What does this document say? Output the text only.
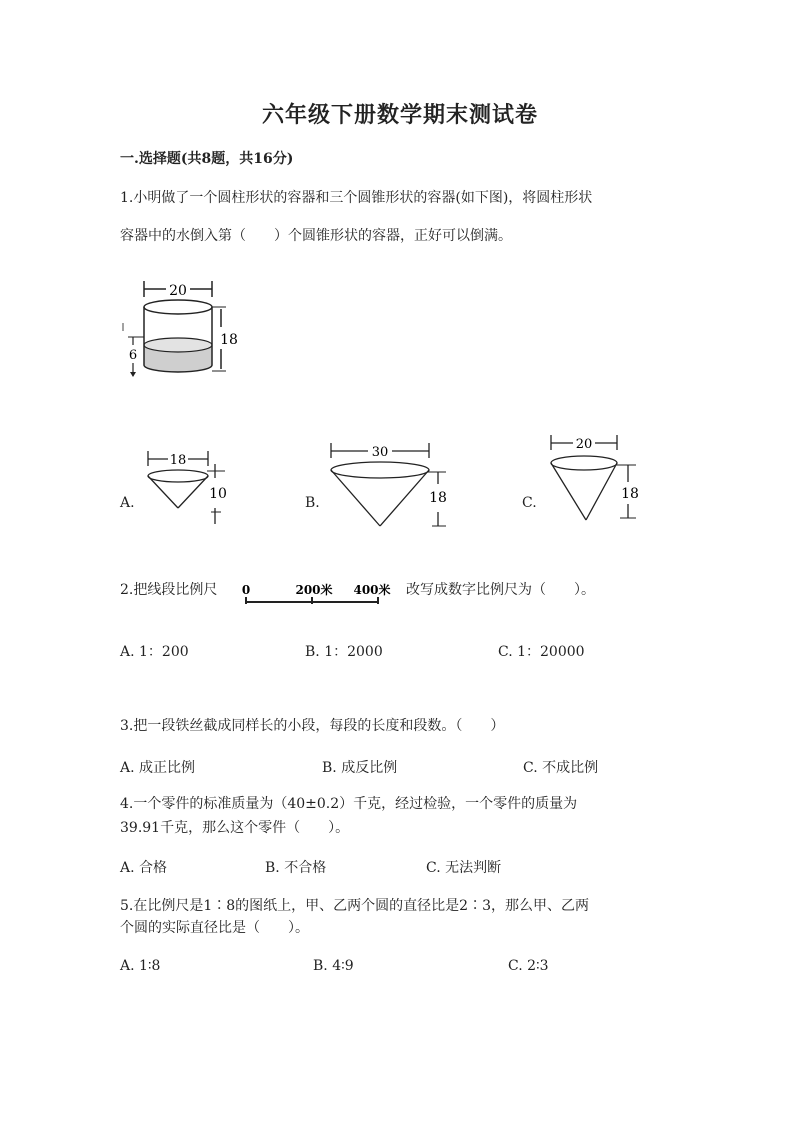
六年级下册数学期末测试卷
一.选择题(共8题，共16分)
1.小明做了一个圆柱形状的容器和三个圆锥形状的容器(如下图)，将圆柱形状
容器中的水倒入第（　　）个圆锥形状的容器，正好可以倒满。
20
18
6
A.
18
10
B.
30
18	C.
20
18
2.把线段比例尺 0	200米 400米 改写成数字比例尺为（　　）。
A. 1：200	B. 1：2000	C. 1：20000
3.把一段铁丝截成同样长的小段，每段的长度和段数。（　　）
A. 成正比例	B. 成反比例	C. 不成比例
4.一个零件的标准质量为（40±0.2）千克，经过检验，一个零件的质量为
39.91千克，那么这个零件（　　）。
A. 合格	B. 不合格	C. 无法判断
5.在比例尺是1∶8的图纸上，甲、乙两个圆的直径比是2∶3，那么甲、乙两
个圆的实际直径比是（　　）。
A. 1∶8	B. 4∶9	C. 2∶3
